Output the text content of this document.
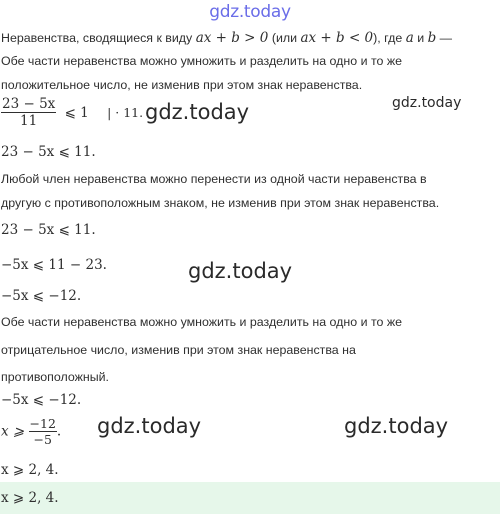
gdz.today
Неравенства, сводящиеся к виду ax + b > 0 (или ax + b < 0), где a и b —
Обе части неравенства можно умножить и разделить на одно и то же
положительное число, не изменив при этом знак неравенства.
$\frac{23 - 5x}{11}$ ⩽ 1 | · 11. gdz.today	gdz.today
23 − 5x ⩽ 11.
Любой член неравенства можно перенести из одной части неравенства в
другую с противоположным знаком, не изменив при этом знак неравенства.
23 − 5x ⩽ 11.
−5x ⩽ 11 − 23.	gdz.today
−5x ⩽ −12.
Обе части неравенства можно умножить и разделить на одно и то же
отрицательное число, изменив при этом знак неравенства на
противоположный.
−5x ⩽ −12.
x ⩾ $\frac{-12}{-5}$ . gdz.today	gdz.today
x ⩾ 2, 4.
x ⩾ 2, 4.
